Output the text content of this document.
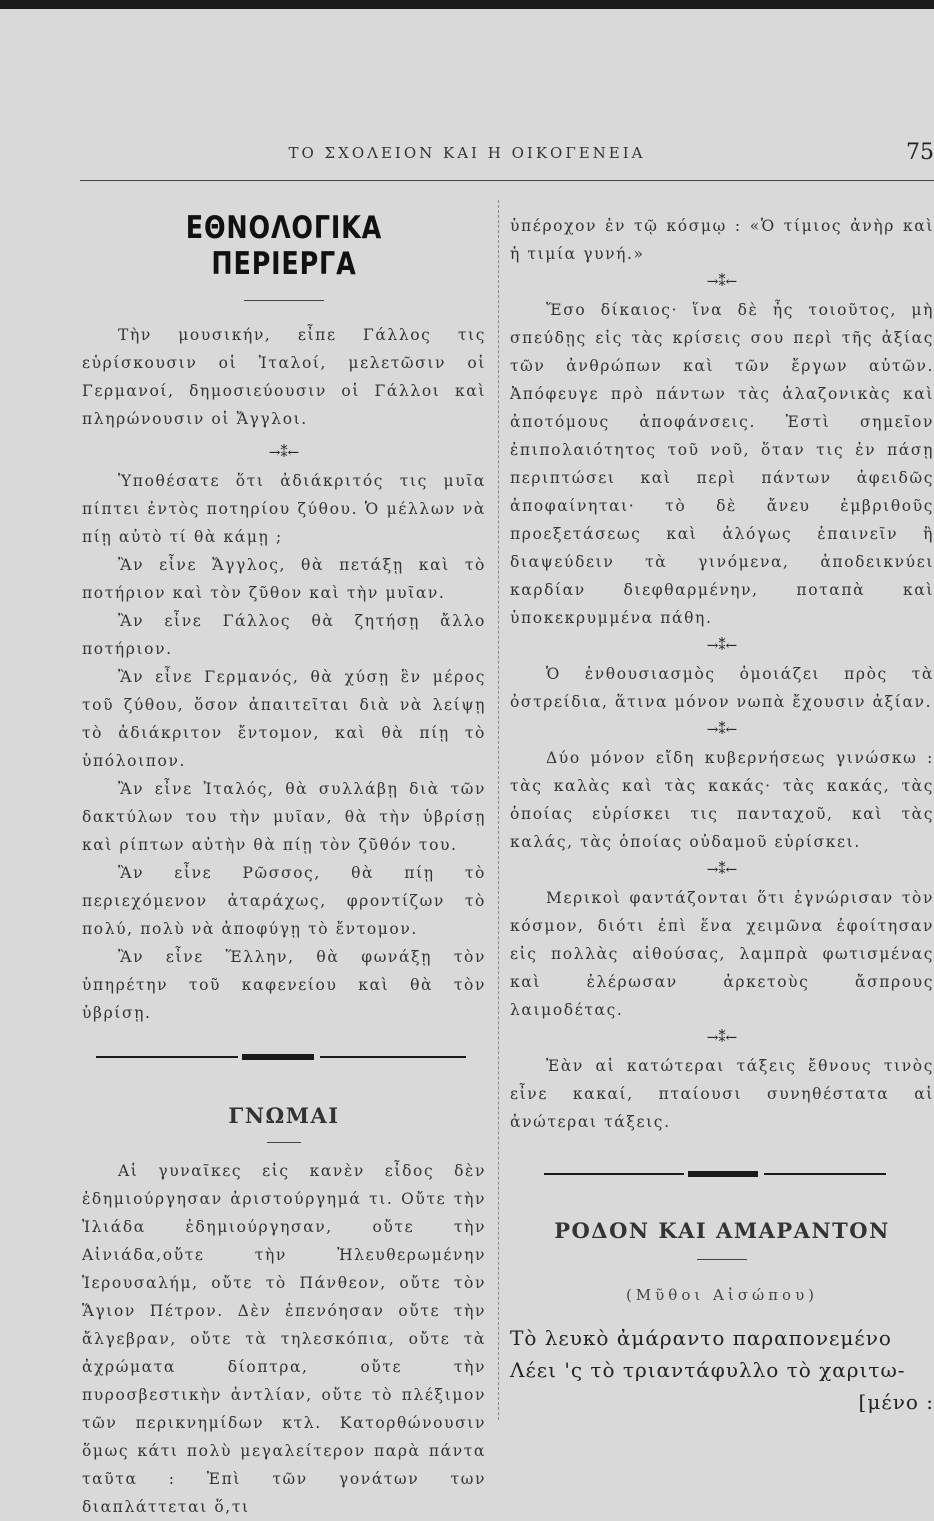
ΤΟ ΣΧΟΛΕΙΟΝ ΚΑΙ Η ΟΙΚΟΓΕΝΕΙΑ	75
ΕΘΝΟΛΟΓΙΚΑ ΠΕΡΙΕΡΓΑ

Τὴν μουσικήν, εἶπε Γάλλος τις εὑρίσκουσιν οἱ Ἰταλοί, μελετῶσιν οἱ Γερμανοί, δημοσιεύουσιν οἱ Γάλλοι καὶ πληρώνουσιν οἱ Ἄγγλοι.

→⁑←

Ὑποθέσατε ὅτι ἀδιάκριτός τις μυῖα πίπτει ἐντὸς ποτηρίου ζύθου. Ὁ μέλλων νὰ πίῃ αὐτὸ τί θὰ κάμῃ ;

Ἂν εἶνε Ἄγγλος, θὰ πετάξῃ καὶ τὸ ποτήριον καὶ τὸν ζῦθον καὶ τὴν μυῖαν.

Ἂν εἶνε Γάλλος θὰ ζητήσῃ ἄλλο ποτήριον.

Ἂν εἶνε Γερμανός, θὰ χύσῃ ἓν μέρος τοῦ ζύθου, ὅσον ἀπαιτεῖται διὰ νὰ λείψῃ τὸ ἀδιάκριτον ἔντομον, καὶ θὰ πίῃ τὸ ὑπόλοιπον.

Ἂν εἶνε Ἰταλός, θὰ συλλάβῃ διὰ τῶν δακτύλων του τὴν μυῖαν, θὰ τὴν ὑβρίσῃ καὶ ρίπτων αὐτὴν θὰ πίῃ τὸν ζῦθόν του.

Ἂν εἶνε Ρῶσσος, θὰ πίῃ τὸ περιεχόμενον ἀταράχως, φροντίζων τὸ πολύ, πολὺ νὰ ἀποφύγῃ τὸ ἔντομον.

Ἂν εἶνε Ἕλλην, θὰ φωνάξῃ τὸν ὑπηρέτην τοῦ καφενείου καὶ θὰ τὸν ὑβρίσῃ.

ΓΝΩΜΑΙ

Αἱ γυναῖκες εἰς κανὲν εἶδος δὲν ἐδημιούργησαν ἀριστούργημά τι. Οὔτε τὴν Ἰλιάδα ἐδημιούργησαν, οὔτε τὴν Αἰνιάδα,οὔτε τὴν Ἠλευθερωμένην Ἱερουσαλήμ, οὔτε τὸ Πάνθεον, οὔτε τὸν Ἅγιον Πέτρον. Δὲν ἐπενόησαν οὔτε τὴν ἄλγεβραν, οὔτε τὰ τηλεσκόπια, οὔτε τὰ ἀχρώματα δίοπτρα, οὔτε τὴν πυροσβεστικὴν ἀντλίαν, οὔτε τὸ πλέξιμον τῶν περικνημίδων κτλ. Κατορθώνουσιν ὅμως κάτι πολὺ μεγαλείτερον παρὰ πάντα ταῦτα : Ἐπὶ τῶν γονάτων των διαπλάττεται ὅ,τι

ὑπέροχον ἐν τῷ κόσμῳ : «Ὁ τίμιος ἀνὴρ καὶ ἡ τιμία γυνή.»

→⁑←

Ἔσο δίκαιος· ἵνα δὲ ἦς τοιοῦτος, μὴ σπεύδῃς εἰς τὰς κρίσεις σου περὶ τῆς ἀξίας τῶν ἀνθρώπων καὶ τῶν ἔργων αὐτῶν. Ἀπόφευγε πρὸ πάντων τὰς ἀλαζονικὰς καὶ ἀποτόμους ἀποφάνσεις. Ἐστὶ σημεῖον ἐπιπολαιότητος τοῦ νοῦ, ὅταν τις ἐν πάσῃ περιπτώσει καὶ περὶ πάντων ἀφειδῶς ἀποφαίνηται· τὸ δὲ ἄνευ ἐμβριθοῦς προεξετάσεως καὶ ἀλόγως ἐπαινεῖν ἢ διαψεύδειν τὰ γινόμενα, ἀποδεικνύει καρδίαν διεφθαρμένην, ποταπὰ καὶ ὑποκεκρυμμένα πάθη.

→⁑←

Ὁ ἐνθουσιασμὸς ὁμοιάζει πρὸς τὰ ὀστρείδια, ἅτινα μόνον νωπὰ ἔχουσιν ἀξίαν.

→⁑←

Δύο μόνον εἴδη κυβερνήσεως γινώσκω : τὰς καλὰς καὶ τὰς κακάς· τὰς κακάς, τὰς ὁποίας εὑρίσκει τις πανταχοῦ, καὶ τὰς καλάς, τὰς ὁποίας οὐδαμοῦ εὑρίσκει.

→⁑←

Μερικοὶ φαντάζονται ὅτι ἐγνώρισαν τὸν κόσμον, διότι ἐπὶ ἕνα χειμῶνα ἐφοίτησαν εἰς πολλὰς αἰθούσας, λαμπρὰ φωτισμένας καὶ ἐλέρωσαν ἀρκετοὺς ἄσπρους λαιμοδέτας.

→⁑←

Ἐὰν αἱ κατώτεραι τάξεις ἔθνους τινὸς εἶνε κακαί, πταίουσι συνηθέστατα αἱ ἀνώτεραι τάξεις.

ΡΟΔΟΝ ΚΑΙ ΑΜΑΡΑΝΤΟΝ

(Μῦθοι Αἰσώπου)

Τὸ λευκὸ ἀμάραντο παραπονεμένο

Λέει 'ς τὸ τριαντάφυλλο τὸ χαριτω-

[μένο :
